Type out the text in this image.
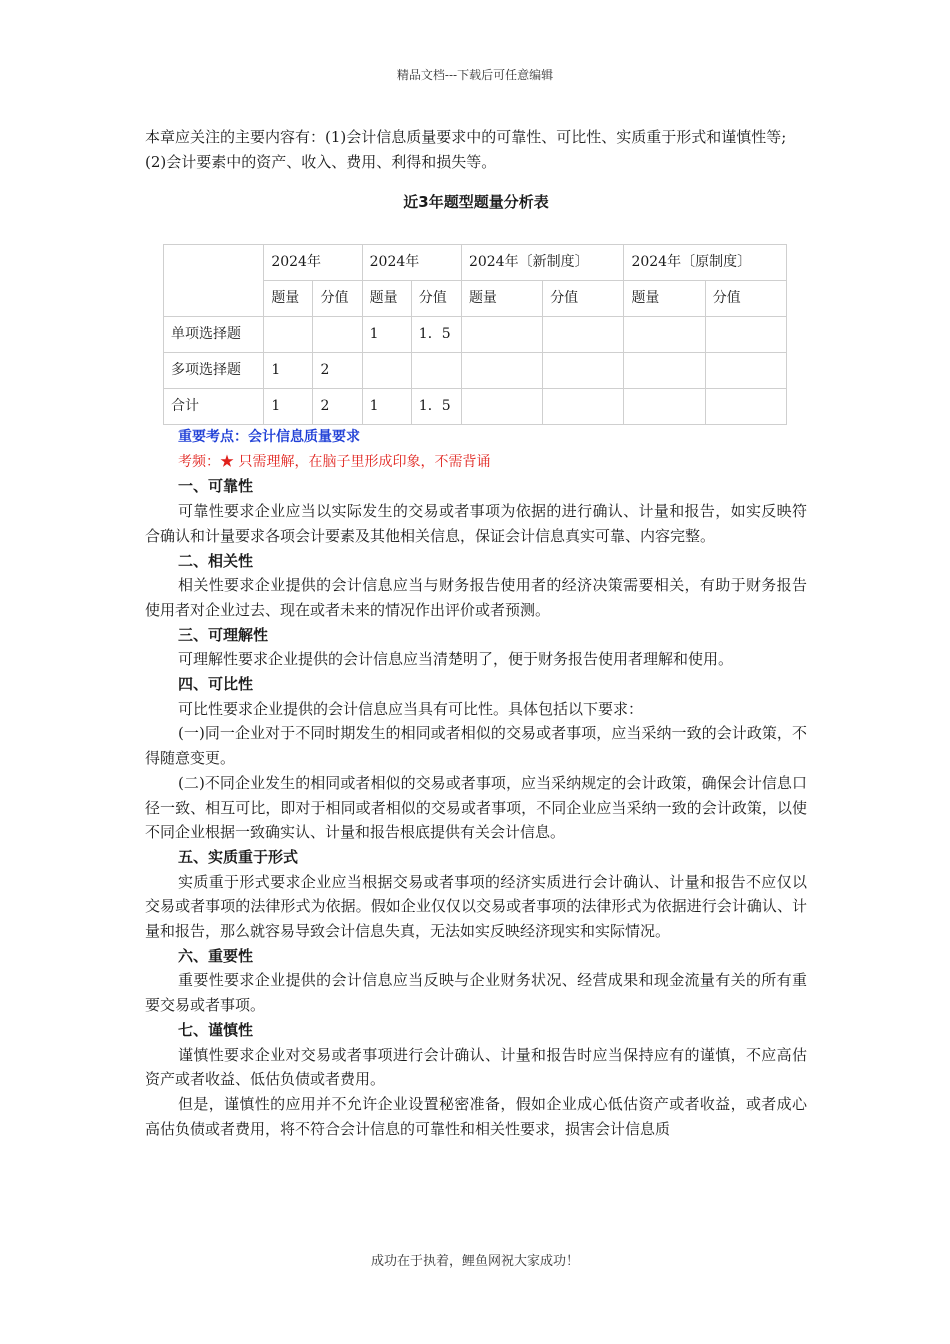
精品文档---下载后可任意编辑

本章应关注的主要内容有：(1)会计信息质量要求中的可靠性、可比性、实质重于形式和谨慎性等;(2)会计要素中的资产、收入、费用、利得和损失等。

近3年题型题量分析表
	2024年		2024年		2024年〔新制度〕		2024年〔原制度〕	
	题量	分值	题量	分值	题量	分值	题量	分值
单项选择题			1	1．5				
多项选择题	1	2						
合计	1	2	1	1．5				
重要考点：会计信息质量要求
考频：★ 只需理解，在脑子里形成印象，不需背诵
一、可靠性

可靠性要求企业应当以实际发生的交易或者事项为依据的进行确认、计量和报告，如实反映符合确认和计量要求各项会计要素及其他相关信息，保证会计信息真实可靠、内容完整。

二、相关性

相关性要求企业提供的会计信息应当与财务报告使用者的经济决策需要相关，有助于财务报告使用者对企业过去、现在或者未来的情况作出评价或者预测。

三、可理解性

可理解性要求企业提供的会计信息应当清楚明了，便于财务报告使用者理解和使用。

四、可比性

可比性要求企业提供的会计信息应当具有可比性。具体包括以下要求：

(一)同一企业对于不同时期发生的相同或者相似的交易或者事项，应当采纳一致的会计政策，不得随意变更。

(二)不同企业发生的相同或者相似的交易或者事项，应当采纳规定的会计政策，确保会计信息口径一致、相互可比，即对于相同或者相似的交易或者事项，不同企业应当采纳一致的会计政策，以使不同企业根据一致确实认、计量和报告根底提供有关会计信息。

五、实质重于形式

实质重于形式要求企业应当根据交易或者事项的经济实质进行会计确认、计量和报告不应仅以交易或者事项的法律形式为依据。假如企业仅仅以交易或者事项的法律形式为依据进行会计确认、计量和报告，那么就容易导致会计信息失真，无法如实反映经济现实和实际情况。

六、重要性

重要性要求企业提供的会计信息应当反映与企业财务状况、经营成果和现金流量有关的所有重要交易或者事项。

七、谨慎性

谨慎性要求企业对交易或者事项进行会计确认、计量和报告时应当保持应有的谨慎，不应高估资产或者收益、低估负债或者费用。

但是，谨慎性的应用并不允许企业设置秘密准备，假如企业成心低估资产或者收益，或者成心高估负债或者费用，将不符合会计信息的可靠性和相关性要求，损害会计信息质

成功在于执着，鲤鱼网祝大家成功！
